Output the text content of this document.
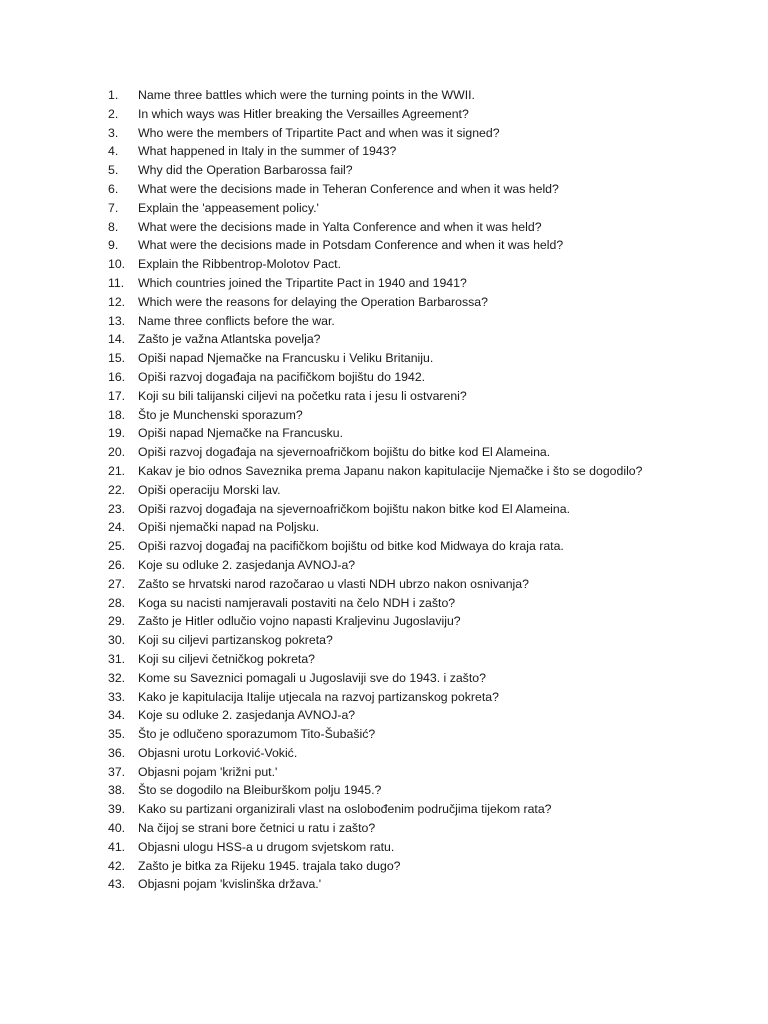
1.	Name three battles which were the turning points in the WWII.
2.	In which ways was Hitler breaking the Versailles Agreement?
3.	Who were the members of Tripartite Pact and when was it signed?
4.	What happened in Italy in the summer of 1943?
5.	Why did the Operation Barbarossa fail?
6.	What were the decisions made in Teheran Conference and when it was held?
7.	Explain the 'appeasement policy.'
8.	What were the decisions made in Yalta Conference and when it was held?
9.	What were the decisions made in Potsdam Conference and when it was held?
10.	Explain the Ribbentrop-Molotov Pact.
11.	Which countries joined the Tripartite Pact in 1940 and 1941?
12.	Which were the reasons for delaying the Operation Barbarossa?
13.	Name three conflicts before the war.
14.	Zašto je važna Atlantska povelja?
15.	Opiši napad Njemačke na Francusku i Veliku Britaniju.
16.	Opiši razvoj događaja na pacifičkom bojištu do 1942.
17.	Koji su bili talijanski ciljevi na početku rata i jesu li ostvareni?
18.	Što je Munchenski sporazum?
19.	Opiši napad Njemačke na Francusku.
20.	Opiši razvoj događaja na sjevernoafričkom bojištu do bitke kod El Alameina.
21.	Kakav je bio odnos Saveznika prema Japanu nakon kapitulacije Njemačke i što se dogodilo?
22.	Opiši operaciju Morski lav.
23.	Opiši razvoj događaja na sjevernoafričkom bojištu nakon bitke kod El Alameina.
24.	Opiši njemački napad na Poljsku.
25.	Opiši razvoj događaj na pacifičkom bojištu od bitke kod Midwaya do kraja rata.
26.	Koje su odluke 2. zasjedanja AVNOJ-a?
27.	Zašto se hrvatski narod razočarao u vlasti NDH ubrzo nakon osnivanja?
28.	Koga su nacisti namjeravali postaviti na čelo NDH i zašto?
29.	Zašto je Hitler odlučio vojno napasti Kraljevinu Jugoslaviju?
30.	Koji su ciljevi partizanskog pokreta?
31.	Koji su ciljevi četničkog pokreta?
32.	Kome su Saveznici pomagali u Jugoslaviji sve do 1943. i zašto?
33.	Kako je kapitulacija Italije utjecala na razvoj partizanskog pokreta?
34.	Koje su odluke 2. zasjedanja AVNOJ-a?
35.	Što je odlučeno sporazumom Tito-Šubašić?
36.	Objasni urotu Lorković-Vokić.
37.	Objasni pojam 'križni put.'
38.	Što se dogodilo na Bleiburškom polju 1945.?
39.	Kako su partizani organizirali vlast na oslobođenim područjima tijekom rata?
40.	Na čijoj se strani bore četnici u ratu i zašto?
41.	Objasni ulogu HSS-a u drugom svjetskom ratu.
42.	Zašto je bitka za Rijeku 1945. trajala tako dugo?
43.	Objasni pojam 'kvislinška država.'
